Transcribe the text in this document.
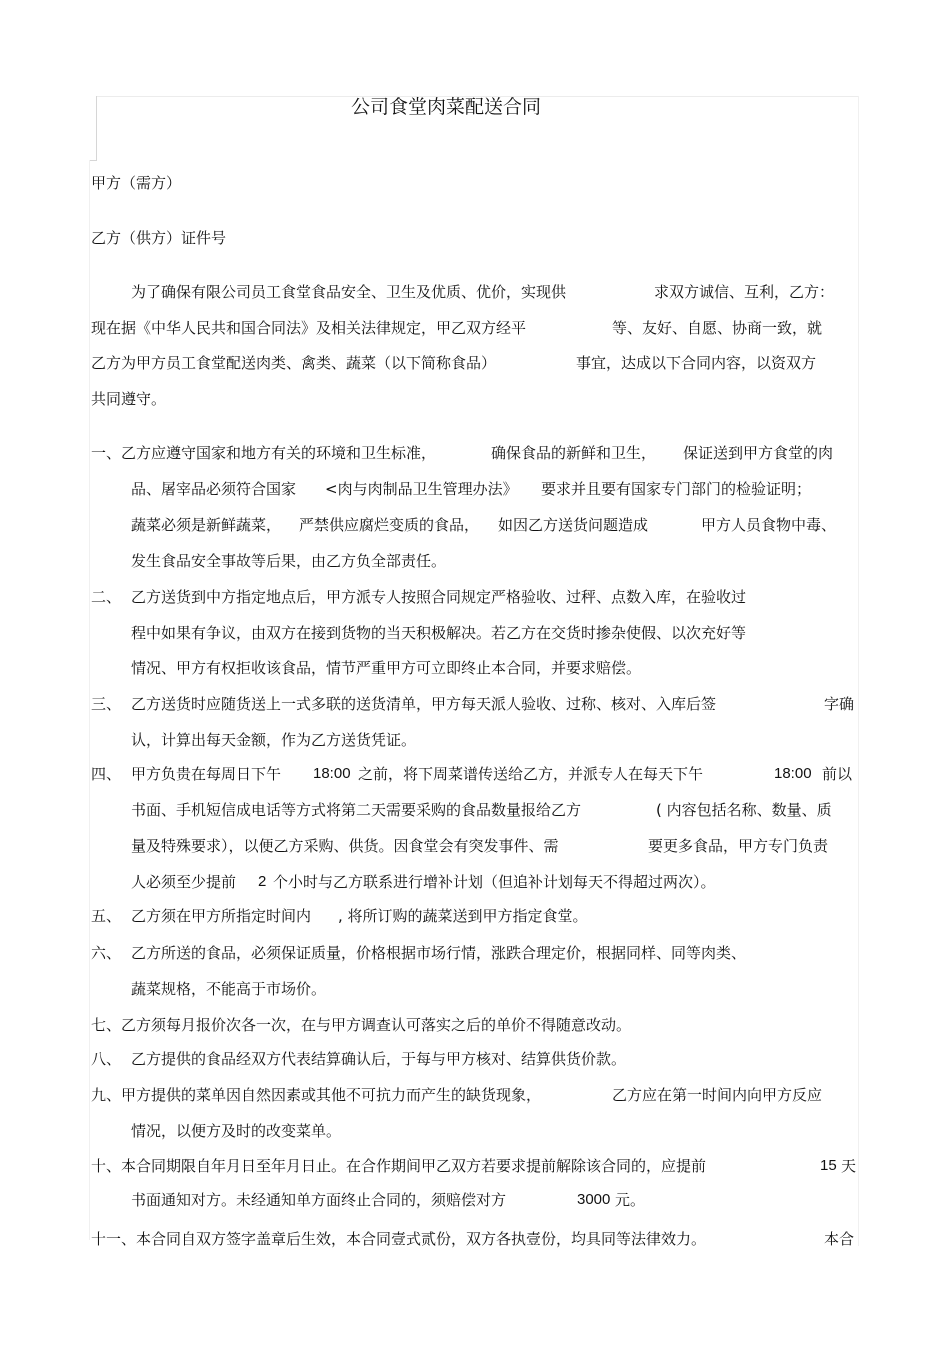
公司食堂肉菜配送合同
甲方（需方）
乙方（供方）证件号
为了确保有限公司员工食堂食品安全、卫生及优质、优价，实现供	求双方诚信、互利，乙方：
现在据《中华人民共和国合同法》及相关法律规定，甲乙双方经平	等、友好、自愿、协商一致，就
乙方为甲方员工食堂配送肉类、禽类、蔬菜（以下简称食品）	事宜，达成以下合同内容，以资双方
共同遵守。
一、乙方应遵守国家和地方有关的环境和卫生标准，	确保食品的新鲜和卫生， 保证送到甲方食堂的肉
品、屠宰品必须符合国家 <肉与肉制品卫生管理办法》 要求并且要有国家专门部门的检验证明；
蔬菜必须是新鲜蔬菜， 严禁供应腐烂变质的食品， 如因乙方送货问题造成	甲方人员食物中毒、
发生食品安全事故等后果，由乙方负全部责任。
二、 乙方送货到中方指定地点后，甲方派专人按照合同规定严格验收、过秤、点数入库，在验收过
程中如果有争议，由双方在接到货物的当天积极解决。若乙方在交货时掺杂使假、以次充好等
情况、甲方有权拒收该食品，情节严重甲方可立即终止本合同，并要求赔偿。
三、 乙方送货时应随货送上一式多联的送货清单，甲方每天派人验收、过称、核对、入库后签	字确
认，计算出每天金额，作为乙方送货凭证。
四、 甲方负贵在每周日下午 18:00 之前，将下周菜谱传送给乙方，并派专人在每天下午	18:00 前以
书面、手机短信成电话等方式将第二天需要采购的食品数量报给乙方	( 内容包括名称、数量、质
量及特殊要求），以便乙方采购、供货。因食堂会有突发事件、需	要更多食品，甲方专门负责
人必须至少提前 2 个小时与乙方联系进行增补计划（但追补计划每天不得超过两次）。
五、 乙方须在甲方所指定时间内 , 将所订购的蔬菜送到甲方指定食堂。
六、 乙方所送的食品，必须保证质量，价格根据市场行情，涨跌合理定价，根据同样、同等肉类、
蔬菜规格，不能高于市场价。
七、乙方须每月报价次各一次，在与甲方调查认可落实之后的单价不得随意改动。
八、 乙方提供的食品经双方代表结算确认后，于每与甲方核对、结算供货价款。
九、甲方提供的菜单因自然因素或其他不可抗力而产生的缺货现象，	乙方应在第一时间内向甲方反应
情况，以便方及时的改变菜单。
十、本合同期限自年月日至年月日止。在合作期间甲乙双方若要求提前解除该合同的，应提前	15 天
书面通知对方。未经通知单方面终止合同的，须赔偿对方	3000 元。
十一、本合同自双方签字盖章后生效，本合同壹式贰份，双方各执壹份，均具同等法律效力。	本合
